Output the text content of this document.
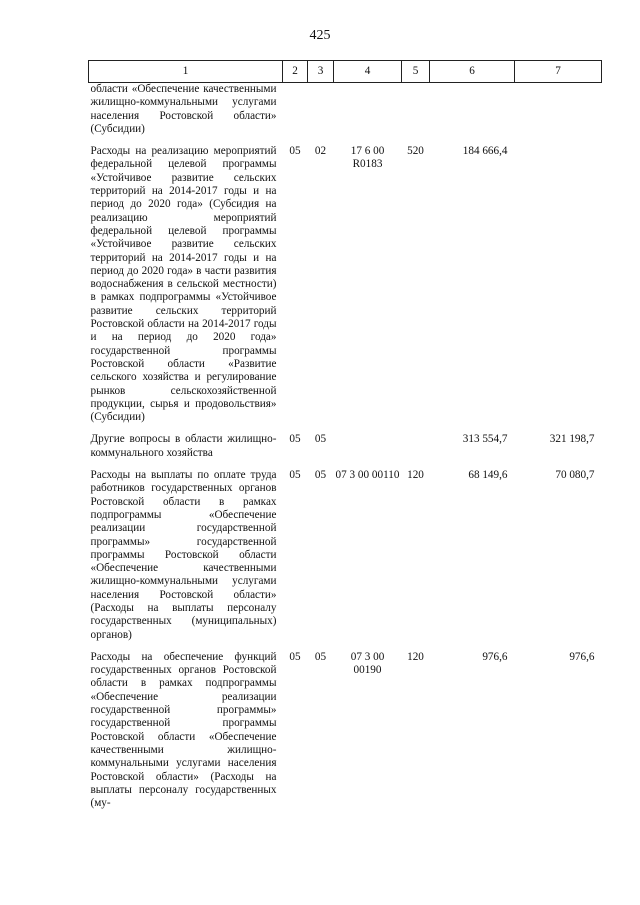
425
1	2	3	4	5	6	7
области «Обеспечение качественными жилищно-коммунальными услугами населения Ростовской области» (Субсидии)						
Расходы на реализацию мероприятий федеральной целевой программы «Устойчивое развитие сельских территорий на 2014-2017 годы и на период до 2020 года» (Субсидия на реализацию мероприятий федеральной целевой программы «Устойчивое развитие сельских территорий на 2014-2017 годы и на период до 2020 года» в части развития водоснабжения в сельской местности) в рамках подпрограммы «Устойчивое развитие сельских территорий Ростовской области на 2014-2017 годы и на период до 2020 года» государственной программы Ростовской области «Развитие сельского хозяйства и регулирование рынков сельскохозяйственной продукции, сырья и продовольствия» (Субсидии)	05	02	17 6 00 R0183	520	184 666,4	
Другие вопросы в области жилищно-коммунального хозяйства	05	05			313 554,7	321 198,7
Расходы на выплаты по оплате труда работников государственных органов Ростовской области в рамках подпрограммы «Обеспечение реализации государственной программы» государственной программы Ростовской области «Обеспечение качественными жилищно-коммунальными услугами населения Ростовской области» (Расходы на выплаты персоналу государственных (муниципальных) органов)	05	05	07 3 00 00110	120	68 149,6	70 080,7
Расходы на обеспечение функций государственных органов Ростовской области в рамках подпрограммы «Обеспечение реализации государственной программы» государственной программы Ростовской области «Обеспечение качественными жилищно-коммунальными услугами населения Ростовской области» (Расходы на выплаты персоналу государственных (му-	05	05	07 3 00 00190	120	976,6	976,6
